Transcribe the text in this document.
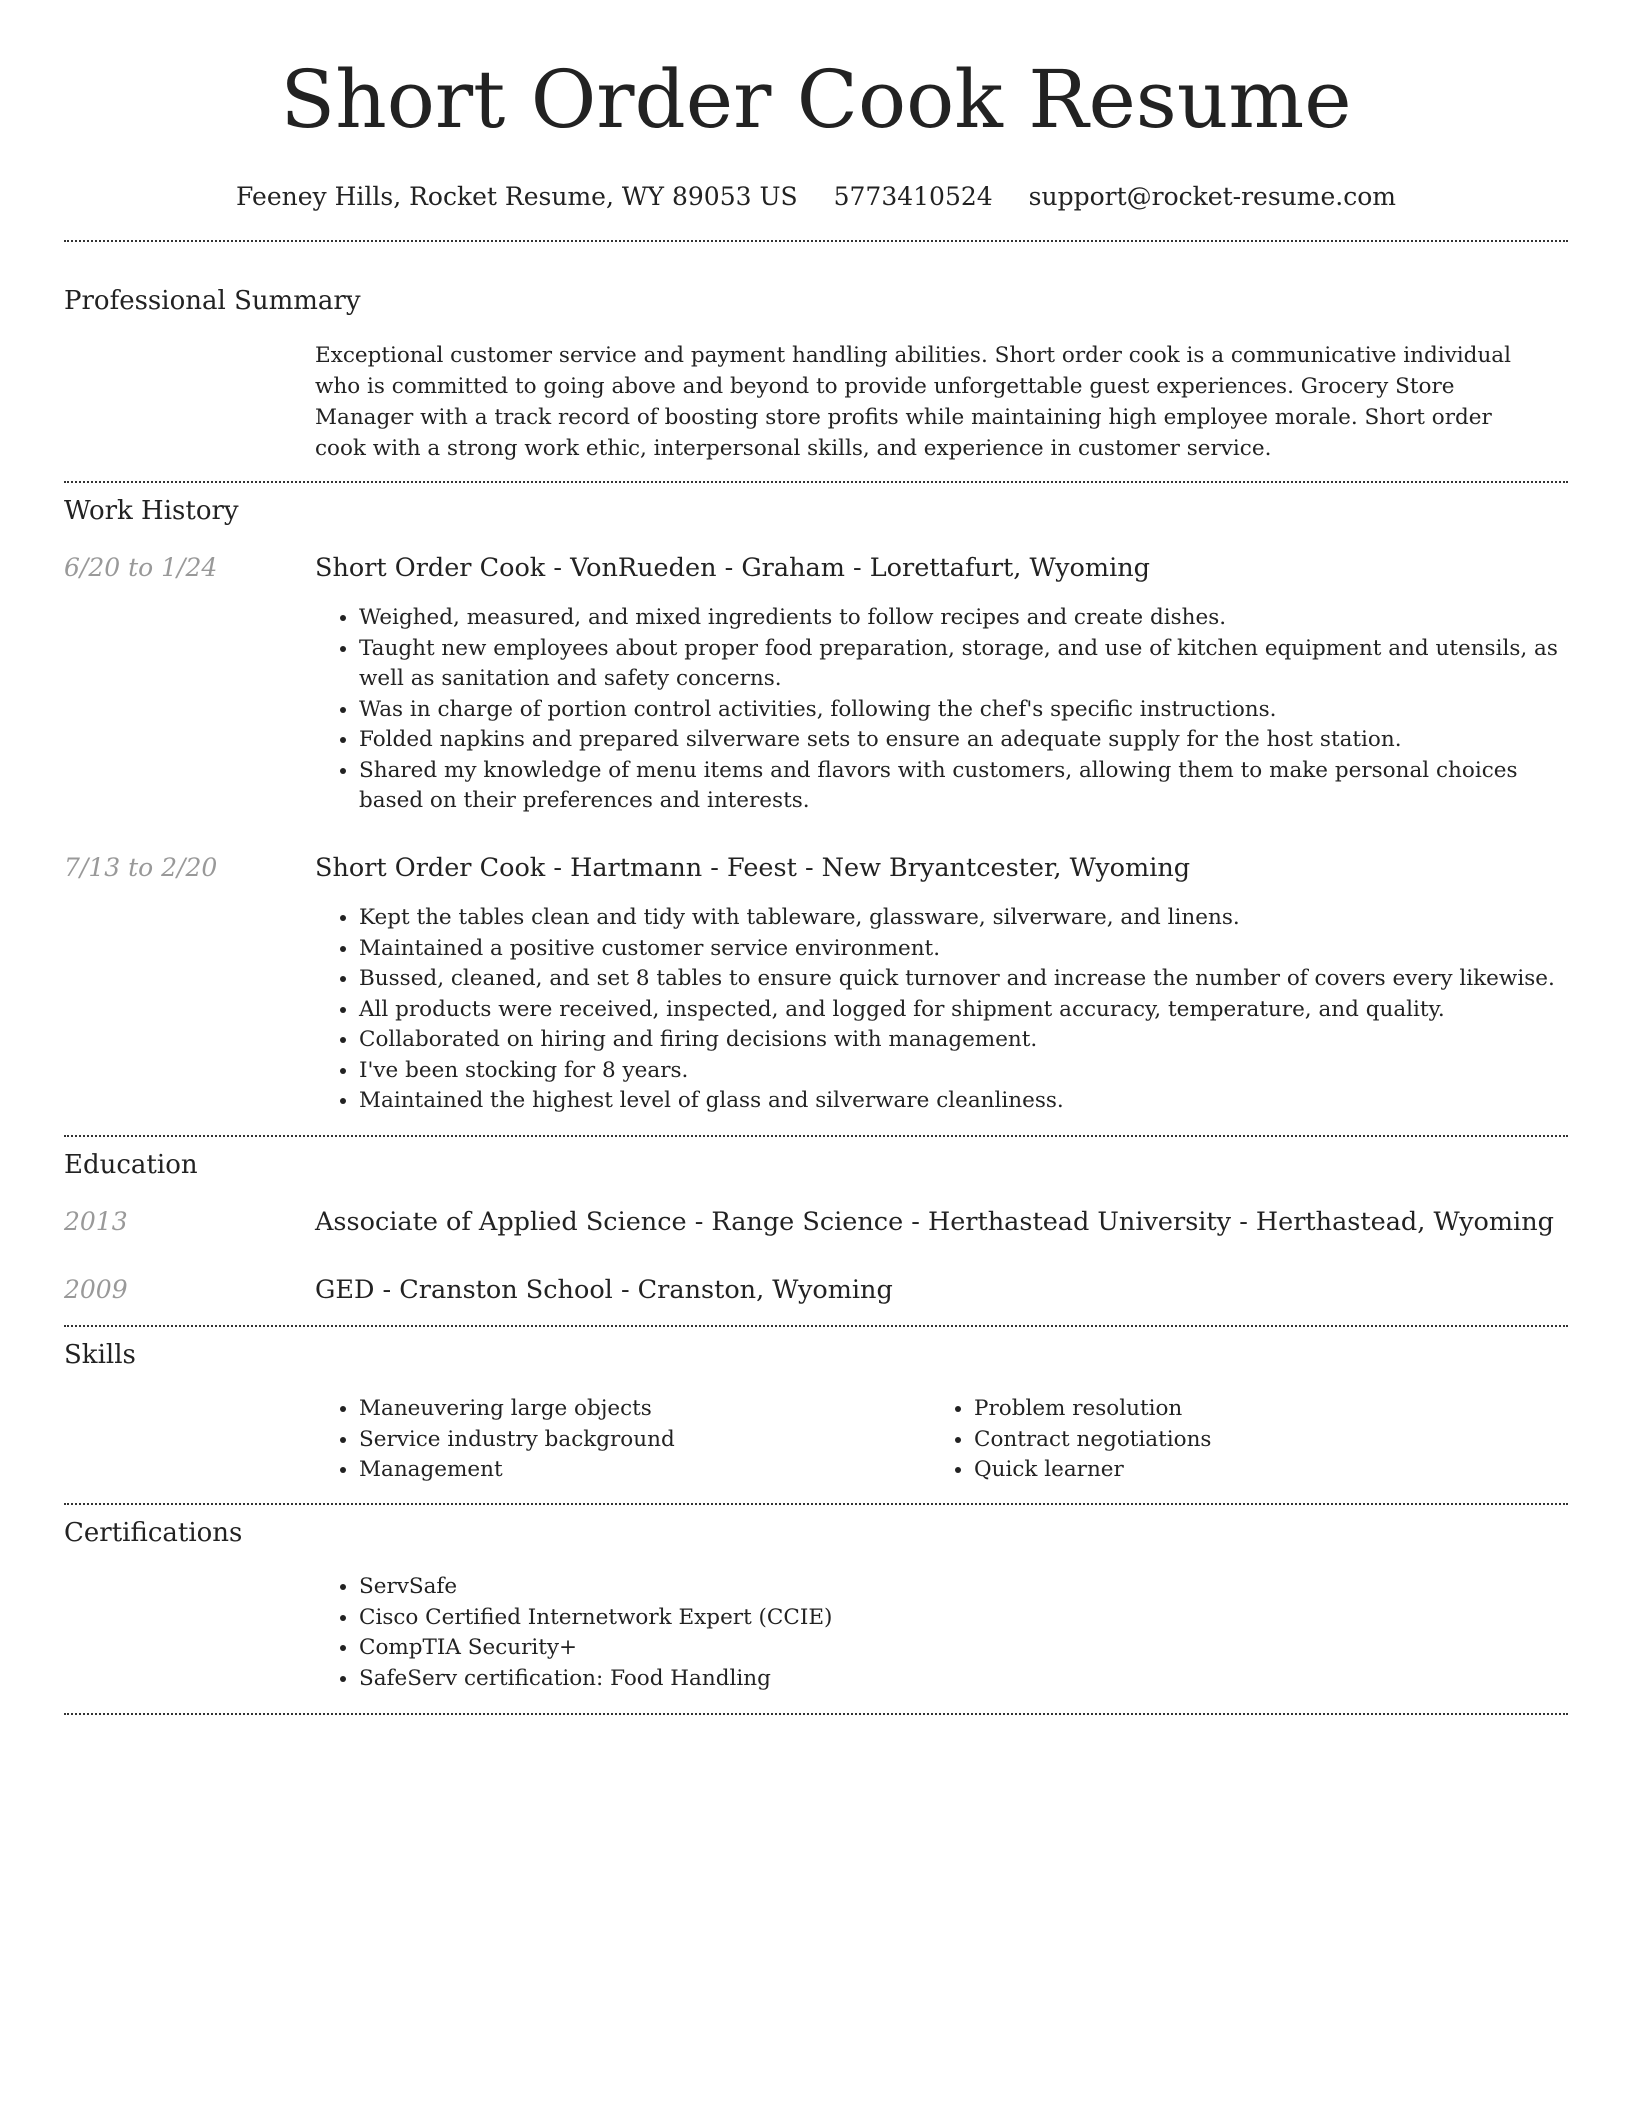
Short Order Cook Resume
Feeney Hills, Rocket Resume, WY 89053 US 5773410524 support@rocket-resume.com
Professional Summary

Exceptional customer service and payment handling abilities. Short order cook is a communicative individual who is committed to going above and beyond to provide unforgettable guest experiences. Grocery Store Manager with a track record of boosting store profits while maintaining high employee morale. Short order cook with a strong work ethic, interpersonal skills, and experience in customer service.

Work History
6/20 to 1/24	Short Order Cook - VonRueden - Graham - Lorettafurt, Wyoming
• Weighed, measured, and mixed ingredients to follow recipes and create dishes.
• Taught new employees about proper food preparation, storage, and use of kitchen equipment and utensils, as well as sanitation and safety concerns.
• Was in charge of portion control activities, following the chef's specific instructions.
• Folded napkins and prepared silverware sets to ensure an adequate supply for the host station.
• Shared my knowledge of menu items and flavors with customers, allowing them to make personal choices based on their preferences and interests.
7/13 to 2/20	Short Order Cook - Hartmann - Feest - New Bryantcester, Wyoming
• Kept the tables clean and tidy with tableware, glassware, silverware, and linens.
• Maintained a positive customer service environment.
• Bussed, cleaned, and set 8 tables to ensure quick turnover and increase the number of covers every likewise.
• All products were received, inspected, and logged for shipment accuracy, temperature, and quality.
• Collaborated on hiring and firing decisions with management.
• I've been stocking for 8 years.
• Maintained the highest level of glass and silverware cleanliness.
Education
2013	Associate of Applied Science - Range Science - Herthastead University - Herthastead, Wyoming
2009	GED - Cranston School - Cranston, Wyoming
Skills
• Maneuvering large objects
• Service industry background
• Management
• Problem resolution
• Contract negotiations
• Quick learner
Certifications
• ServSafe
• Cisco Certified Internetwork Expert (CCIE)
• CompTIA Security+
• SafeServ certification: Food Handling
